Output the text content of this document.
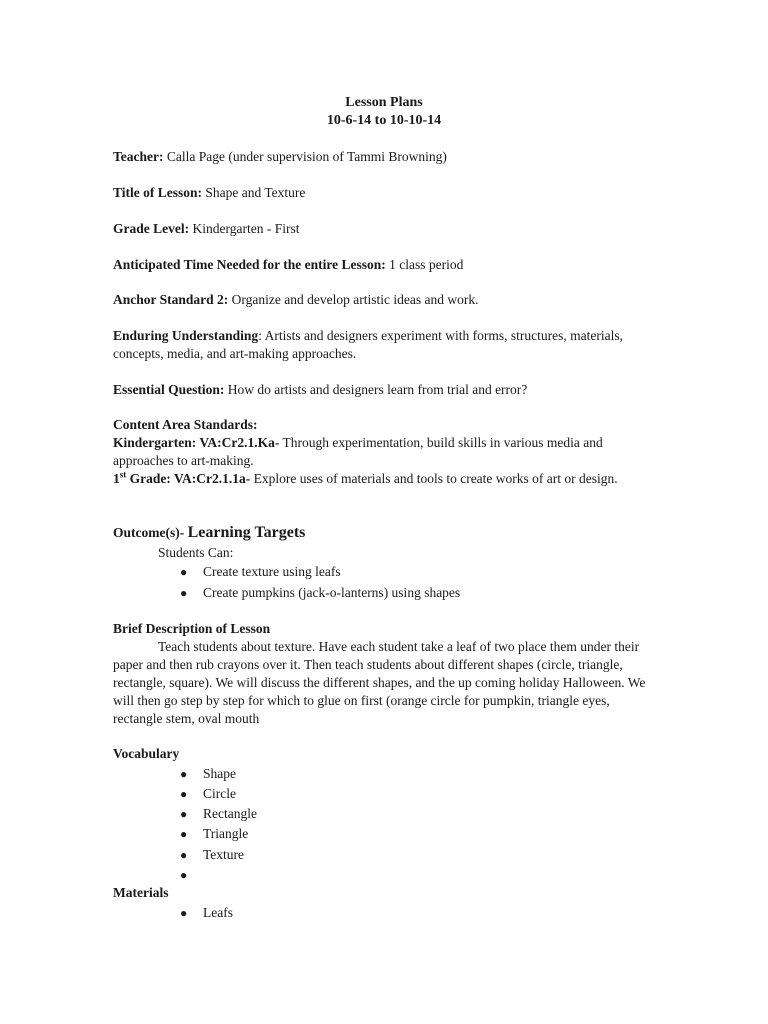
Lesson Plans
10-6-14 to 10-10-14
Teacher: Calla Page (under supervision of Tammi Browning)
Title of Lesson: Shape and Texture
Grade Level: Kindergarten - First
Anticipated Time Needed for the entire Lesson: 1 class period
Anchor Standard 2: Organize and develop artistic ideas and work.
Enduring Understanding: Artists and designers experiment with forms, structures, materials, concepts, media, and art-making approaches.
Essential Question: How do artists and designers learn from trial and error?
Content Area Standards:
Kindergarten: VA:Cr2.1.Ka- Through experimentation, build skills in various media and approaches to art-making.
1st Grade: VA:Cr2.1.1a- Explore uses of materials and tools to create works of art or design.
Outcome(s)- Learning Targets
Students Can:
● Create texture using leafs
● Create pumpkins (jack-o-lanterns) using shapes
Brief Description of Lesson
Teach students about texture. Have each student take a leaf of two place them under their paper and then rub crayons over it. Then teach students about different shapes (circle, triangle, rectangle, square). We will discuss the different shapes, and the up coming holiday Halloween. We will then go step by step for which to glue on first (orange circle for pumpkin, triangle eyes, rectangle stem, oval mouth
Vocabulary
● Shape
● Circle
● Rectangle
● Triangle
● Texture
●
Materials
● Leafs
